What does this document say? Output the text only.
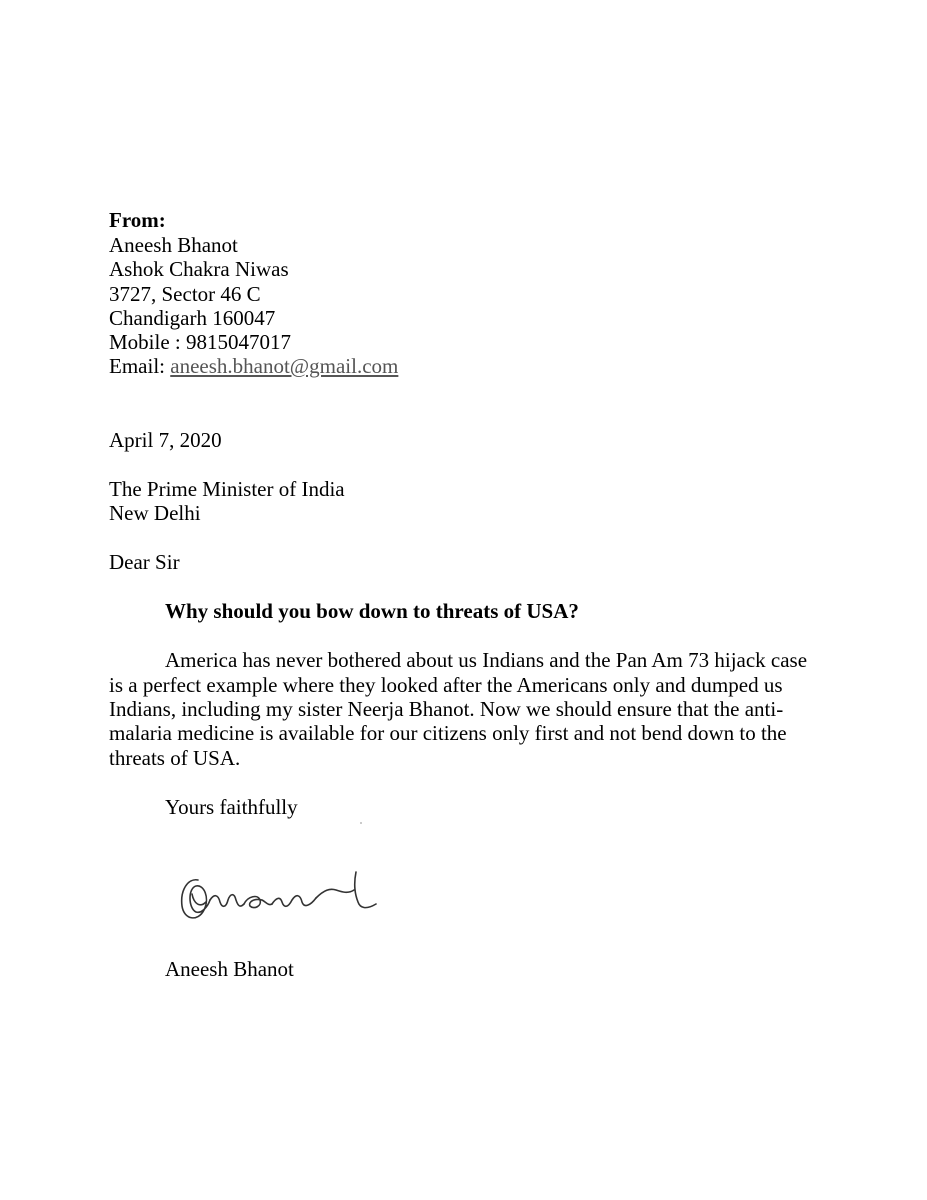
From:
Aneesh Bhanot
Ashok Chakra Niwas
3727, Sector 46 C
Chandigarh 160047
Mobile : 9815047017
Email: aneesh.bhanot@gmail.com
April 7, 2020
The Prime Minister of India
New Delhi
Dear Sir
Why should you bow down to threats of USA?
America has never bothered about us Indians and the Pan Am 73 hijack case
is a perfect example where they looked after the Americans only and dumped us
Indians, including my sister Neerja Bhanot. Now we should ensure that the anti-
malaria medicine is available for our citizens only first and not bend down to the
threats of USA.
Yours faithfully
Aneesh Bhanot
